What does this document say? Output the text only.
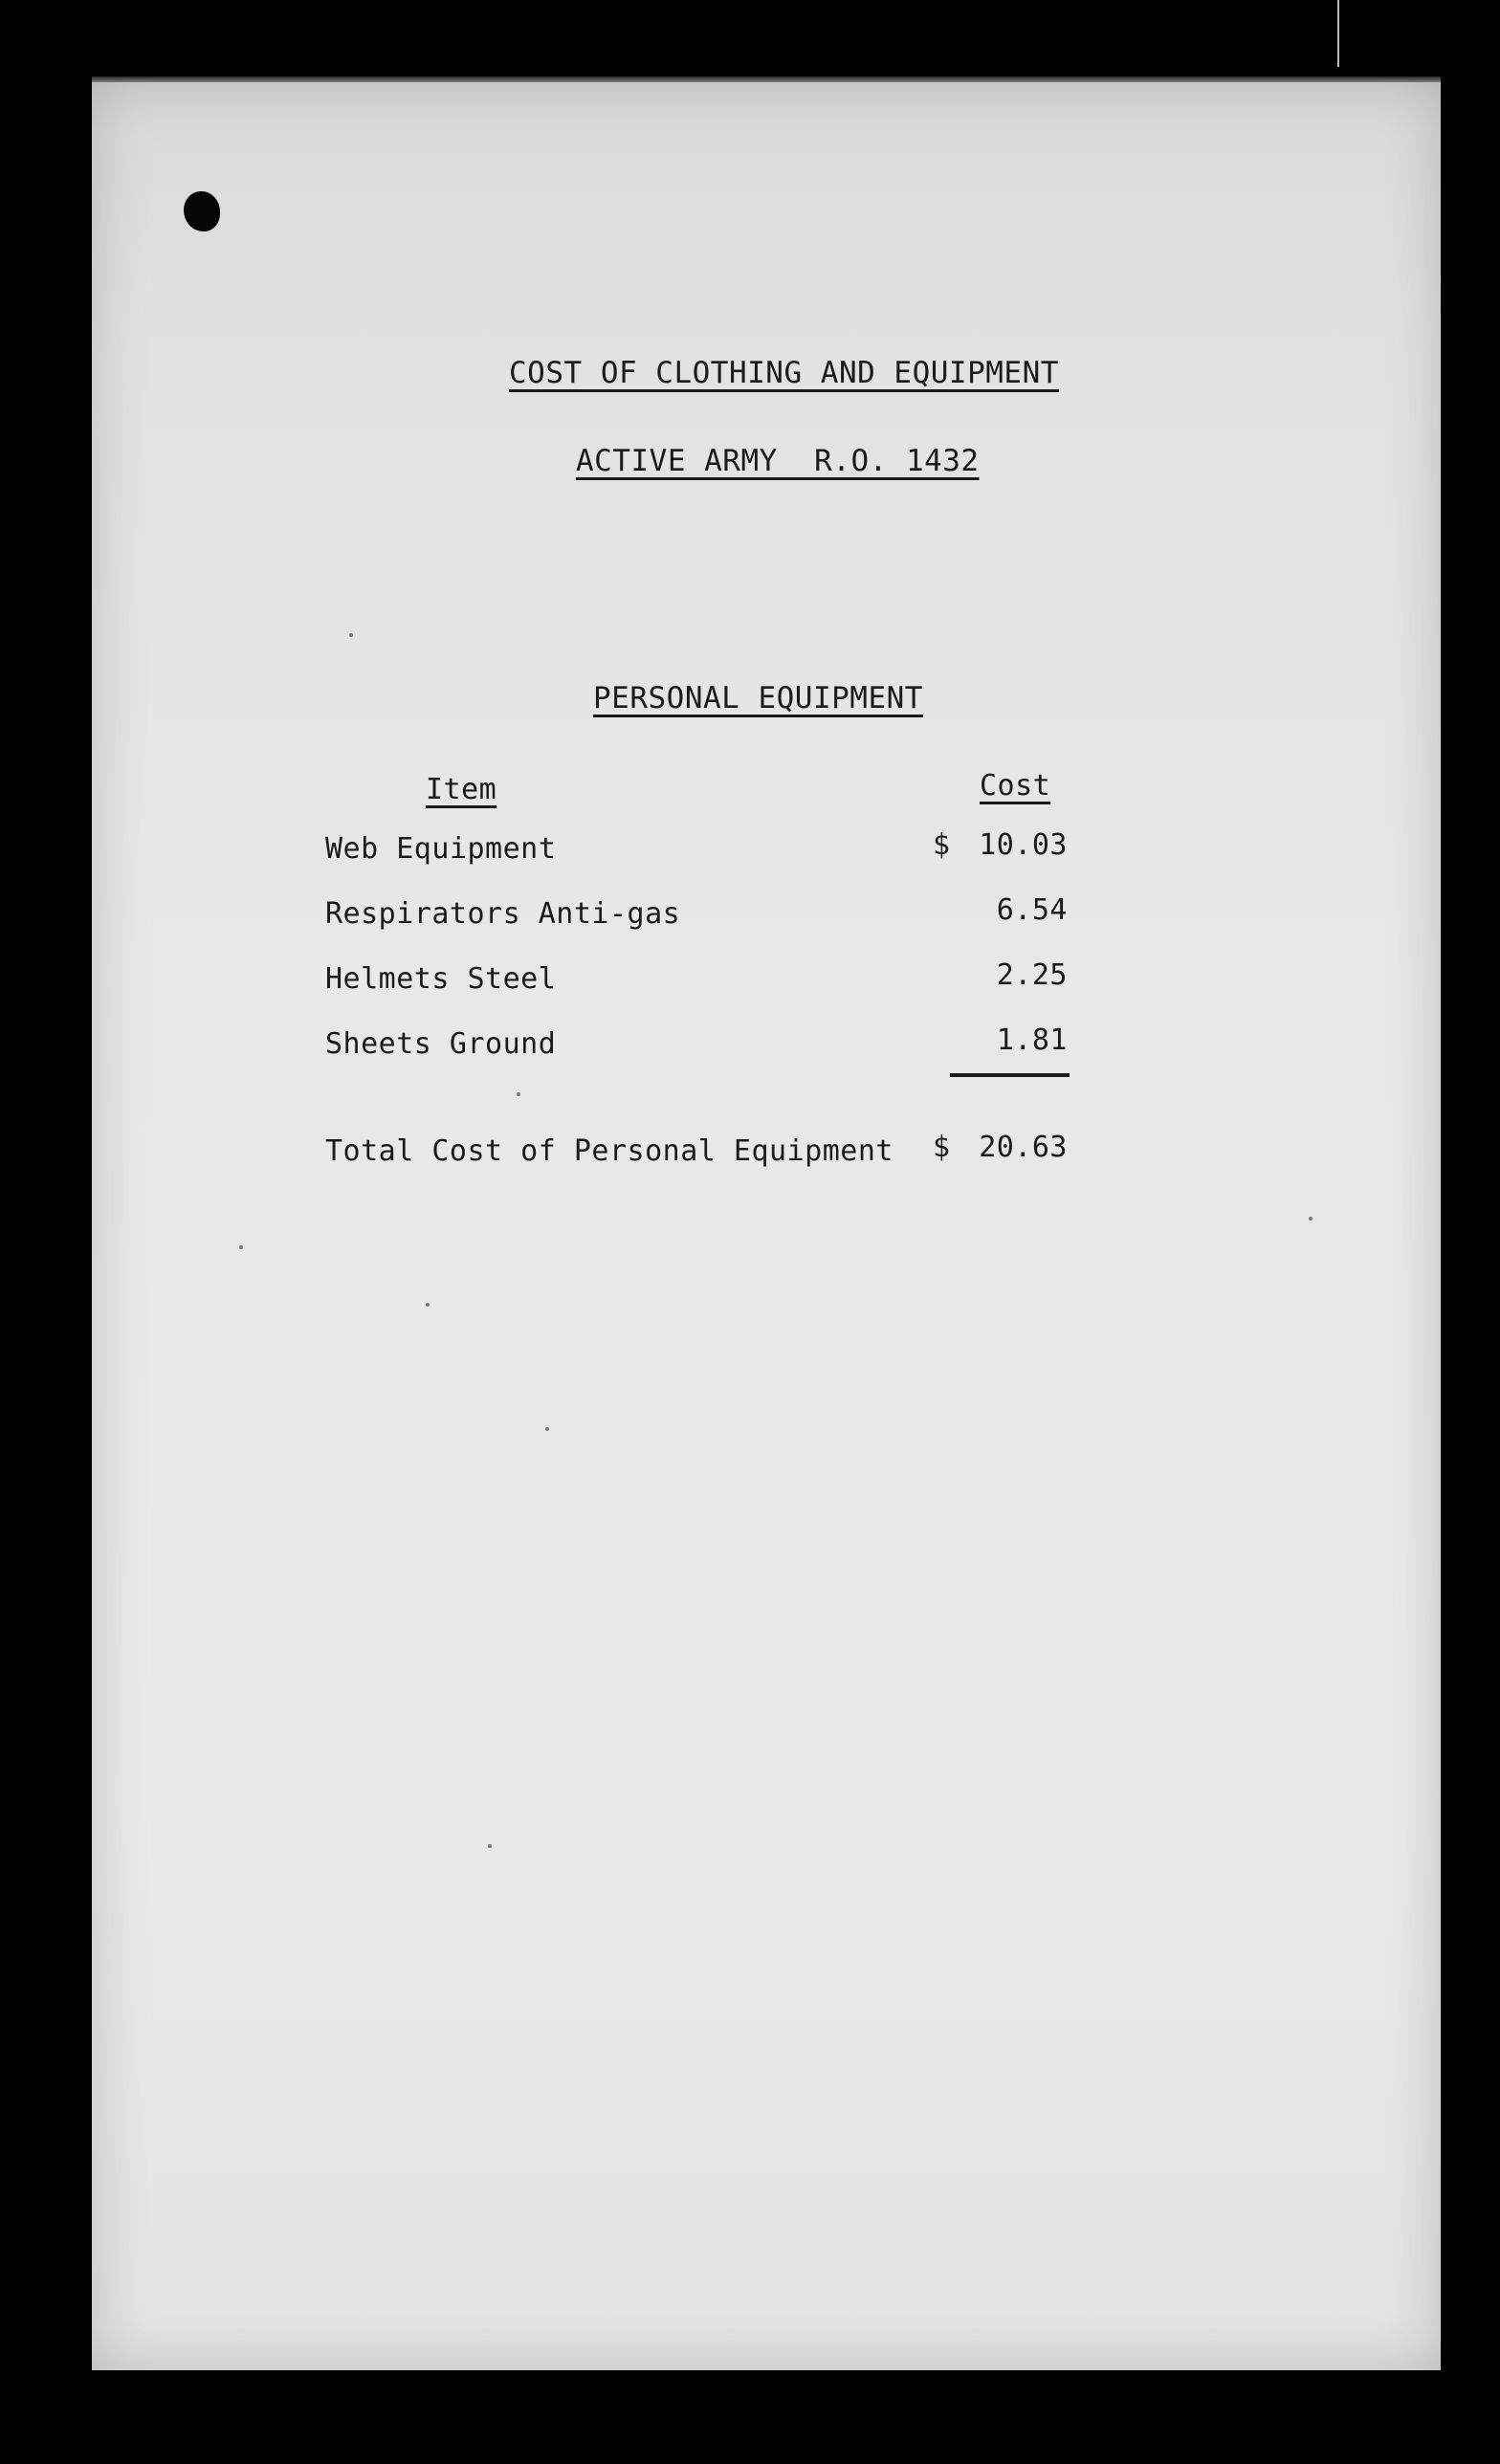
COST OF CLOTHING AND EQUIPMENT
ACTIVE ARMY  R.O. 1432
PERSONAL EQUIPMENT
Item	Cost
Web Equipment	$ 10.03
Respirators Anti-gas	6.54
Helmets Steel	2.25
Sheets Ground	1.81
Total Cost of Personal Equipment $ 20.63
